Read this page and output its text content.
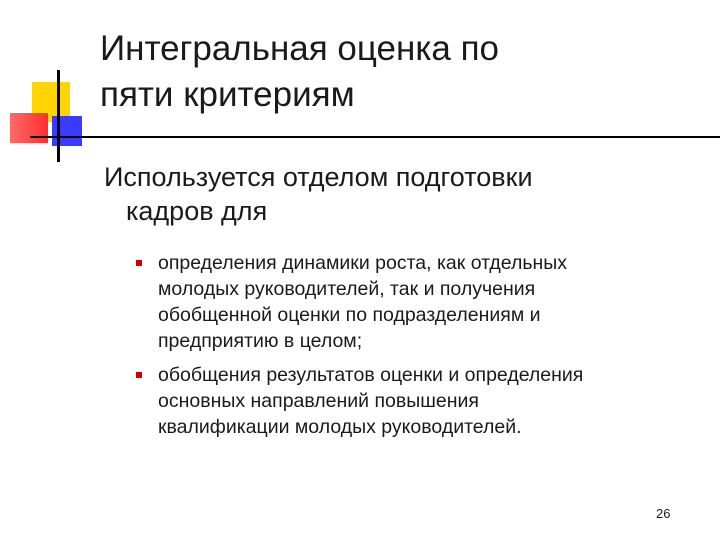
Интегральная оценка по
пяти критериям
Используется отделом подготовки
кадров для
определения динамики роста, как отдельных
молодых руководителей, так и получения
обобщенной оценки по подразделениям и
предприятию в целом;
обобщения результатов оценки и определения
основных направлений повышения
квалификации молодых руководителей.
26
